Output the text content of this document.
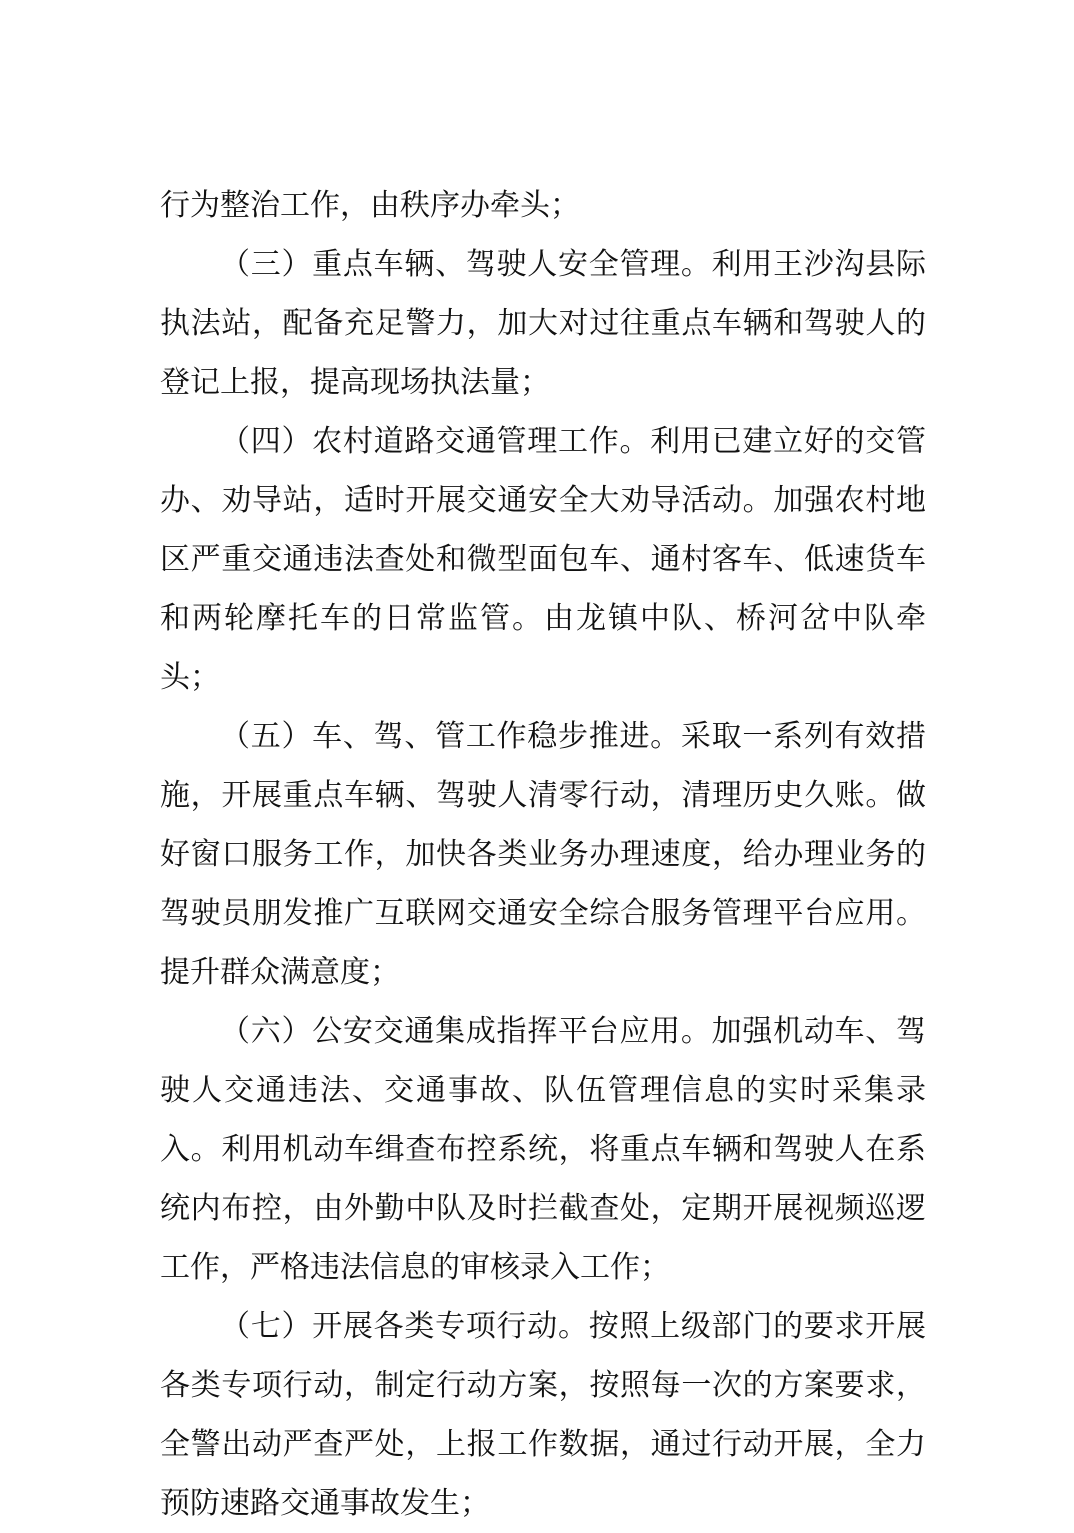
行为整治工作，由秩序办牵头；

（三）重点车辆、驾驶人安全管理。利用王沙沟县际执法站，配备充足警力，加大对过往重点车辆和驾驶人的登记上报，提高现场执法量；

（四）农村道路交通管理工作。利用已建立好的交管办、劝导站，适时开展交通安全大劝导活动。加强农村地区严重交通违法查处和微型面包车、通村客车、低速货车和两轮摩托车的日常监管。由龙镇中队、桥河岔中队牵头；

（五）车、驾、管工作稳步推进。采取一系列有效措施，开展重点车辆、驾驶人清零行动，清理历史久账。做好窗口服务工作，加快各类业务办理速度，给办理业务的驾驶员朋发推广互联网交通安全综合服务管理平台应用。提升群众满意度；

（六）公安交通集成指挥平台应用。加强机动车、驾驶人交通违法、交通事故、队伍管理信息的实时采集录入。利用机动车缉查布控系统，将重点车辆和驾驶人在系统内布控，由外勤中队及时拦截查处，定期开展视频巡逻工作，严格违法信息的审核录入工作；

（七）开展各类专项行动。按照上级部门的要求开展各类专项行动，制定行动方案，按照每一次的方案要求，全警出动严查严处，上报工作数据，通过行动开展，全力预防速路交通事故发生；
